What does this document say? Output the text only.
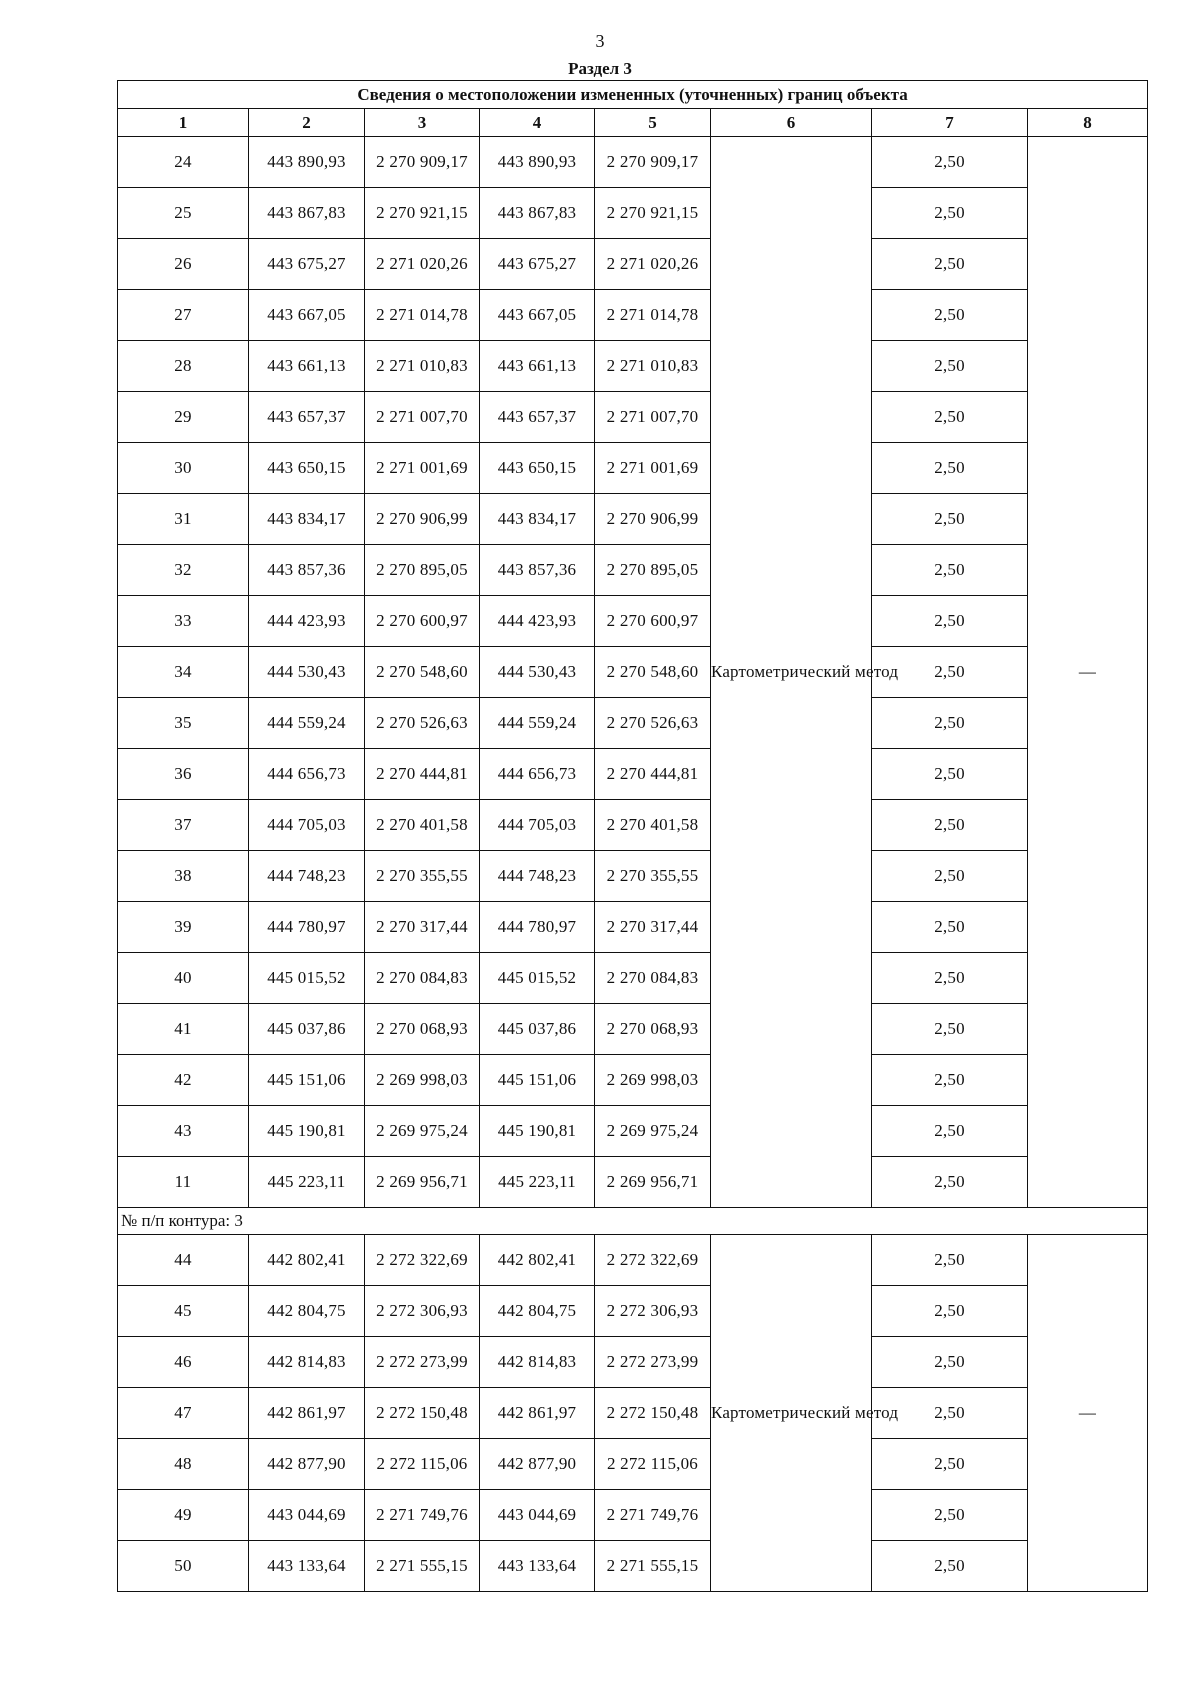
3
Раздел 3
Сведения о местоположении измененных (уточненных) границ объекта							
1	2	3	4	5	6	7	8
24	443 890,93	2 270 909,17	443 890,93	2 270 909,17	Картометрический метод	2,50	—
25	443 867,83	2 270 921,15	443 867,83	2 270 921,15		2,50	
26	443 675,27	2 271 020,26	443 675,27	2 271 020,26		2,50	
27	443 667,05	2 271 014,78	443 667,05	2 271 014,78		2,50	
28	443 661,13	2 271 010,83	443 661,13	2 271 010,83		2,50	
29	443 657,37	2 271 007,70	443 657,37	2 271 007,70		2,50	
30	443 650,15	2 271 001,69	443 650,15	2 271 001,69		2,50	
31	443 834,17	2 270 906,99	443 834,17	2 270 906,99		2,50	
32	443 857,36	2 270 895,05	443 857,36	2 270 895,05		2,50	
33	444 423,93	2 270 600,97	444 423,93	2 270 600,97		2,50	
34	444 530,43	2 270 548,60	444 530,43	2 270 548,60		2,50	
35	444 559,24	2 270 526,63	444 559,24	2 270 526,63		2,50	
36	444 656,73	2 270 444,81	444 656,73	2 270 444,81		2,50	
37	444 705,03	2 270 401,58	444 705,03	2 270 401,58		2,50	
38	444 748,23	2 270 355,55	444 748,23	2 270 355,55		2,50	
39	444 780,97	2 270 317,44	444 780,97	2 270 317,44		2,50	
40	445 015,52	2 270 084,83	445 015,52	2 270 084,83		2,50	
41	445 037,86	2 270 068,93	445 037,86	2 270 068,93		2,50	
42	445 151,06	2 269 998,03	445 151,06	2 269 998,03		2,50	
43	445 190,81	2 269 975,24	445 190,81	2 269 975,24		2,50	
11	445 223,11	2 269 956,71	445 223,11	2 269 956,71		2,50	
№ п/п контура: 3							
44	442 802,41	2 272 322,69	442 802,41	2 272 322,69	Картометрический метод	2,50	—
45	442 804,75	2 272 306,93	442 804,75	2 272 306,93		2,50	
46	442 814,83	2 272 273,99	442 814,83	2 272 273,99		2,50	
47	442 861,97	2 272 150,48	442 861,97	2 272 150,48		2,50	
48	442 877,90	2 272 115,06	442 877,90	2 272 115,06		2,50	
49	443 044,69	2 271 749,76	443 044,69	2 271 749,76		2,50	
50	443 133,64	2 271 555,15	443 133,64	2 271 555,15		2,50	
